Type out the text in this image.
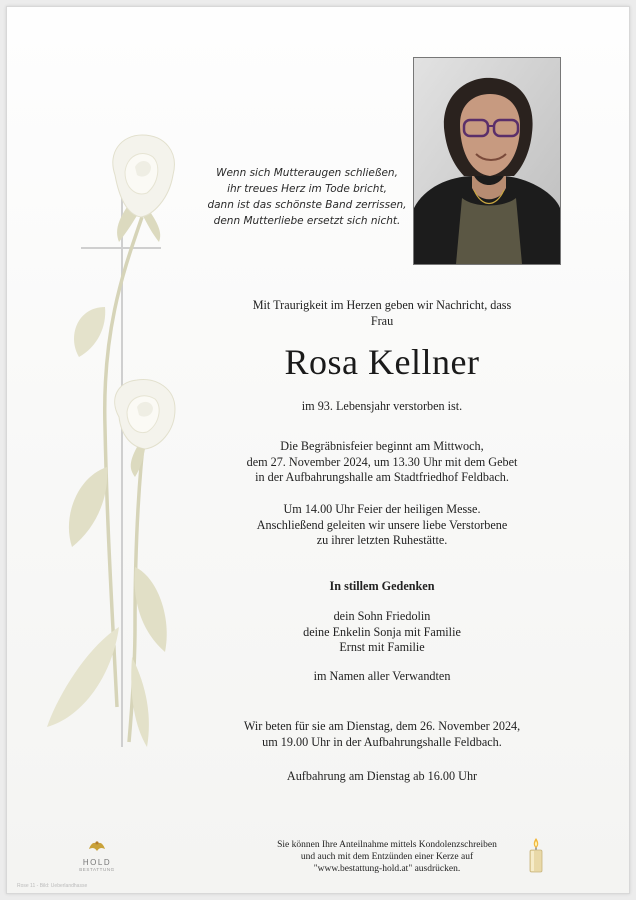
Wenn sich Mutteraugen schließen,
ihr treues Herz im Tode bricht,
dann ist das schönste Band zerrissen,
denn Mutterliebe ersetzt sich nicht.
Mit Traurigkeit im Herzen geben wir Nachricht, dass
Frau
Rosa Kellner
im 93. Lebensjahr verstorben ist.
Die Begräbnisfeier beginnt am Mittwoch,
dem 27. November 2024, um 13.30 Uhr mit dem Gebet
in der Aufbahrungshalle am Stadtfriedhof Feldbach.
Um 14.00 Uhr Feier der heiligen Messe.
Anschließend geleiten wir unsere liebe Verstorbene
zu ihrer letzten Ruhestätte.
In stillem Gedenken
dein Sohn Friedolin
deine Enkelin Sonja mit Familie
Ernst mit Familie
im Namen aller Verwandten
Wir beten für sie am Dienstag, dem 26. November 2024,
um 19.00 Uhr in der Aufbahrungshalle Feldbach.
Aufbahrung am Dienstag ab 16.00 Uhr
HOLD
BESTATTUNG
Sie können Ihre Anteilnahme mittels Kondolenzschreiben
und auch mit dem Entzünden einer Kerze auf
"www.bestattung-hold.at" ausdrücken.
Rose 11 - Bild: Ueberlandhasse
